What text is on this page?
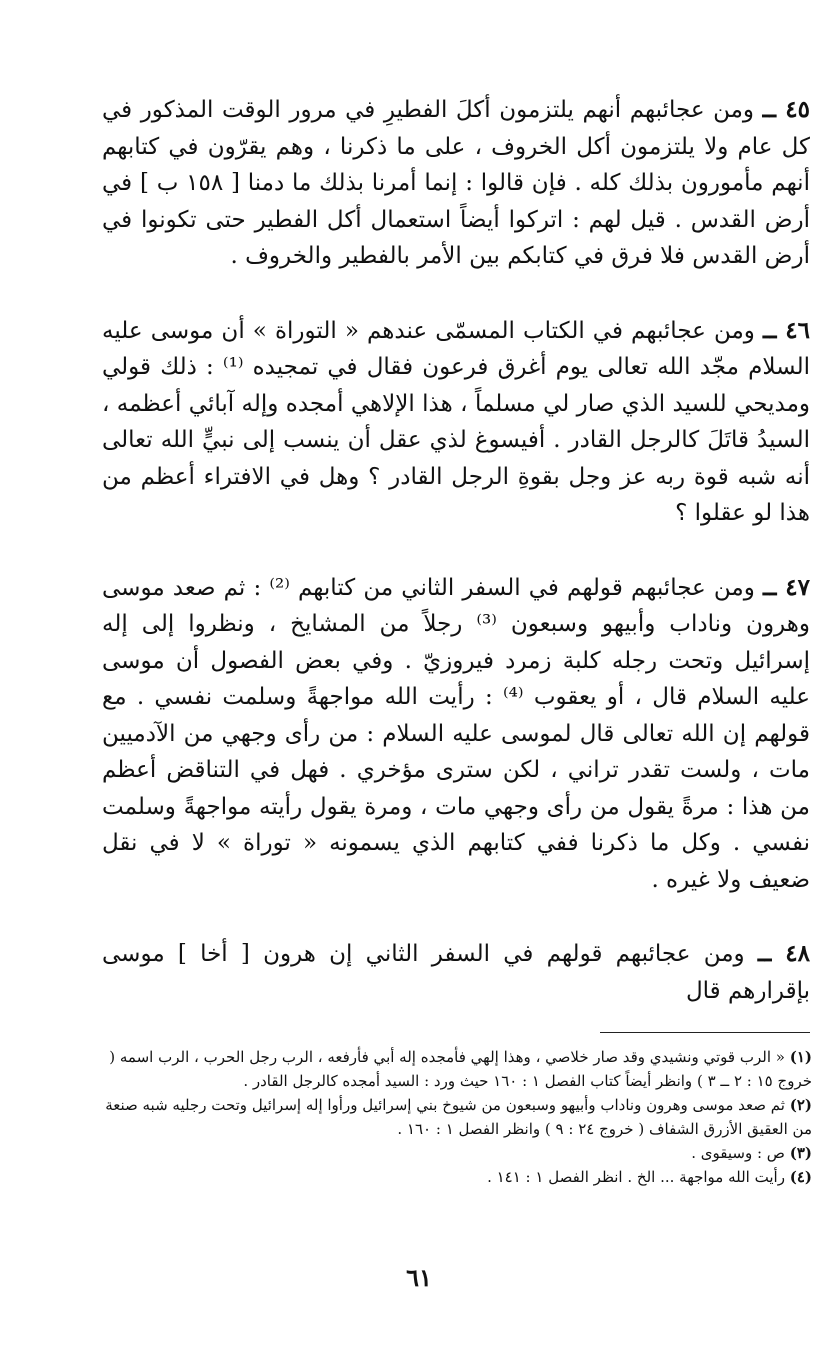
٤٥ ــ ومن عجائبهم أنهم يلتزمون أكلَ الفطيرِ في مرور الوقت المذكور في كل عام ولا يلتزمون أكل الخروف ، على ما ذكرنا ، وهم يقرّون في كتابهم أنهم مأمورون بذلك كله . فإن قالوا : إنما أمرنا بذلك ما دمنا [ ١٥٨ ب ] في أرض القدس . قيل لهم : اتركوا أيضاً استعمال أكل الفطير حتى تكونوا في أرض القدس فلا فرق في كتابكم بين الأمر بالفطير والخروف .

٤٦ ــ ومن عجائبهم في الكتاب المسمّى عندهم « التوراة » أن موسى عليه السلام مجّد الله تعالى يوم أغرق فرعون فقال في تمجيده ⁽¹⁾ : ذلك قولي ومديحي للسيد الذي صار لي مسلماً ، هذا الإلاهي أمجده وإله آبائي أعظمه ، السيدُ قاتَلَ كالرجل القادر . أفيسوغ لذي عقل أن ينسب إلى نبيٍّ الله تعالى أنه شبه قوة ربه عز وجل بقوةِ الرجل القادر ؟ وهل في الافتراء أعظم من هذا لو عقلوا ؟

٤٧ ــ ومن عجائبهم قولهم في السفر الثاني من كتابهم ⁽²⁾ : ثم صعد موسى وهرون وناداب وأبيهو وسبعون ⁽³⁾ رجلاً من المشايخ ، ونظروا إلى إله إسرائيل وتحت رجله كلبة زمرد فيروزيّ . وفي بعض الفصول أن موسى عليه السلام قال ، أو يعقوب ⁽⁴⁾ : رأيت الله مواجهةً وسلمت نفسي . مع قولهم إن الله تعالى قال لموسى عليه السلام : من رأى وجهي من الآدميين مات ، ولست تقدر تراني ، لكن سترى مؤخري . فهل في التناقض أعظم من هذا : مرةً يقول من رأى وجهي مات ، ومرة يقول رأيته مواجهةً وسلمت نفسي . وكل ما ذكرنا ففي كتابهم الذي يسمونه « توراة » لا في نقل ضعيف ولا غيره .

٤٨ ــ ومن عجائبهم قولهم في السفر الثاني إن هرون [ أخا ] موسى بإقرارهم قال

(١) « الرب قوتي ونشيدي وقد صار خلاصي ، وهذا إلهي فأمجده إله أبي فأرفعه ، الرب رجل الحرب ، الرب اسمه ( خروج ١٥ : ٢ ــ ٣ ) وانظر أيضاً كتاب الفصل ١ : ١٦٠ حيث ورد : السيد أمجده كالرجل القادر .

(٢) ثم صعد موسى وهرون وناداب وأبيهو وسبعون من شيوخ بني إسرائيل ورأوا إله إسرائيل وتحت رجليه شبه صنعة من العقيق الأزرق الشفاف ( خروج ٢٤ : ٩ ) وانظر الفصل ١ : ١٦٠ .

(٣) ص : وسيقوى .

(٤) رأيت الله مواجهة ... الخ . انظر الفصل ١ : ١٤١ .

٦١
